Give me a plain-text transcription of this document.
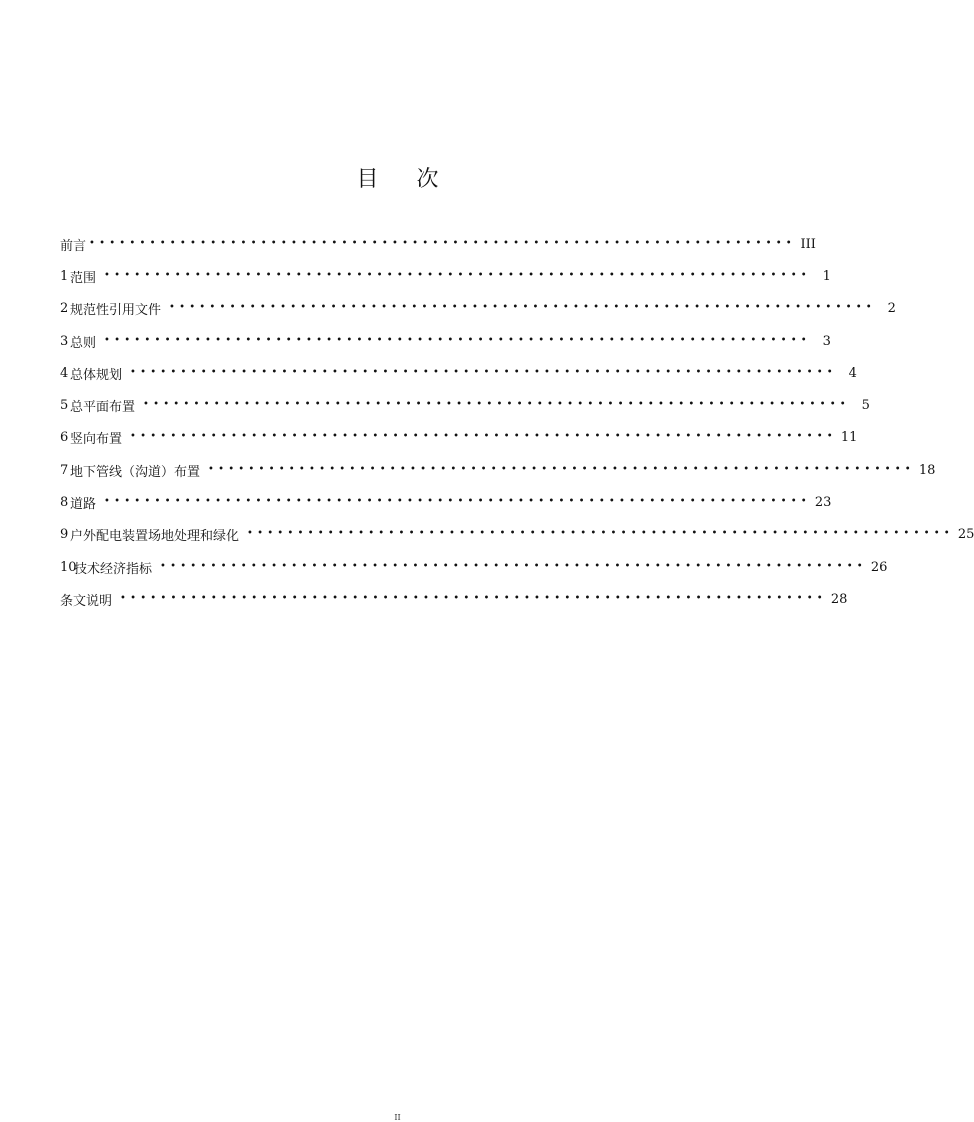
目 次
前言 •••••••••••••••••••••••••••••••••••••••••••••••••••••••••••••••••••••• III
1 范围 •••••••••••••••••••••••••••••••••••••••••••••••••••••••••••••••••••••• 1
2 规范性引用文件 •••••••••••••••••••••••••••••••••••••••••••••••••••••••••••••••••••••• 2
3 总则 •••••••••••••••••••••••••••••••••••••••••••••••••••••••••••••••••••••• 3
4 总体规划 •••••••••••••••••••••••••••••••••••••••••••••••••••••••••••••••••••••• 4
5 总平面布置 •••••••••••••••••••••••••••••••••••••••••••••••••••••••••••••••••••••• 5
6 竖向布置 •••••••••••••••••••••••••••••••••••••••••••••••••••••••••••••••••••••• 11
7 地下管线（沟道）布置 •••••••••••••••••••••••••••••••••••••••••••••••••••••••••••••••••••••• 18
8 道路 •••••••••••••••••••••••••••••••••••••••••••••••••••••••••••••••••••••• 23
9 户外配电装置场地处理和绿化 •••••••••••••••••••••••••••••••••••••••••••••••••••••••••••••••••••••• 25
10
技术经济指标 •••••••••••••••••••••••••••••••••••••••••••••••••••••••••••••••••••••• 26
条文说明 •••••••••••••••••••••••••••••••••••••••••••••••••••••••••••••••••••••• 28
II
